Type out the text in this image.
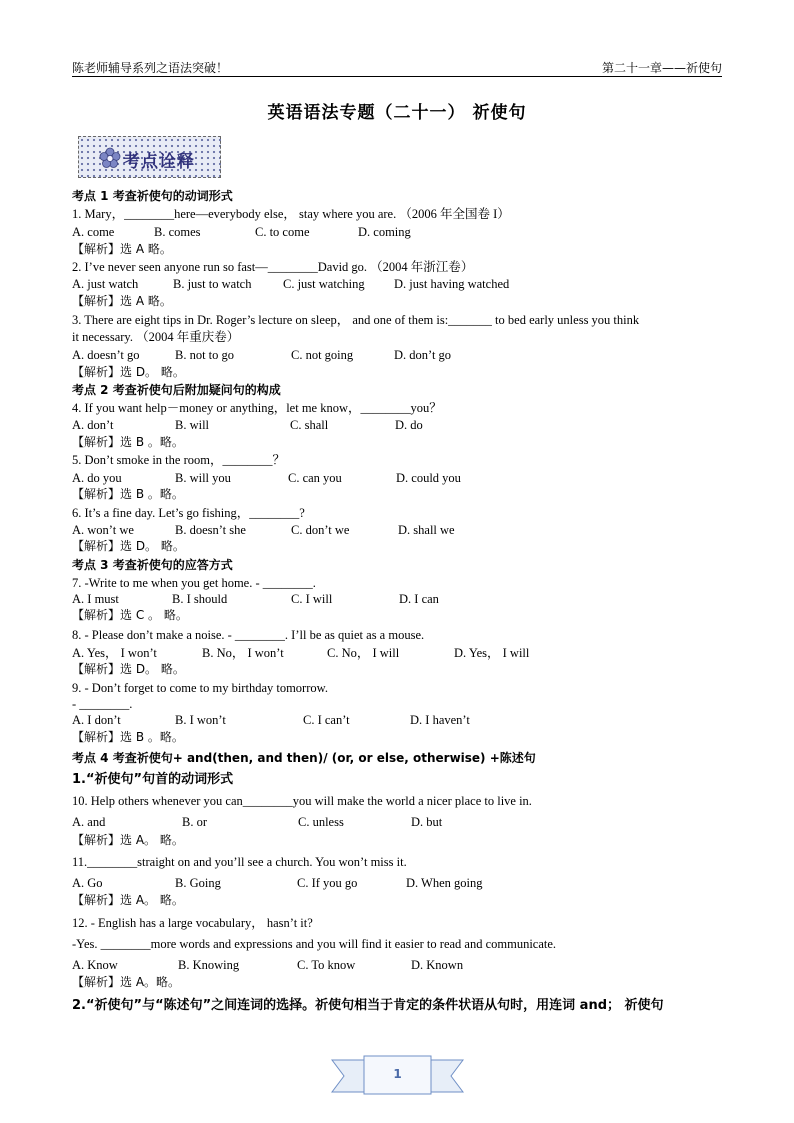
陈老师辅导系列之语法突破！	第二十一章——祈使句
英语语法专题（二十一） 祈使句
考点诠释
考点 1 考查祈使句的动词形式
1. Mary，________here—everybody else， stay where you are. （2006 年全国卷 I）
A. come	B. comes	C. to come	D. coming
【解析】选 A 略。
2. I’ve never seen anyone run so fast—________David go. （2004 年浙江卷）
A. just watch	B. just to watch	C. just watching D. just having watched
【解析】选 A 略。
3. There are eight tips in Dr. Roger’s lecture on sleep， and one of them is:_______ to bed early unless you think
it necessary. （2004 年重庆卷）
A. doesn’t go	B. not to go	C. not going	D. don’t go
【解析】选 D。 略。
考点 2 考查祈使句后附加疑问句的构成
4. If you want help－money or anything，let me know，________you？
A. don’t	B. will	C. shall	D. do
【解析】选 B 。略。
5. Don’t smoke in the room，________？
A. do you	B. will you	C. can you	D. could you
【解析】选 B 。略。
6. It’s a fine day. Let’s go fishing，________?
A. won’t we	B. doesn’t she	C. don’t we	D. shall we
【解析】选 D。 略。
考点 3 考查祈使句的应答方式
7. -Write to me when you get home. - ________.
A. I must	B. I should	C. I will	D. I can
【解析】选 C 。 略。
8. - Please don’t make a noise. - ________. I’ll be as quiet as a mouse.
A. Yes， I won’t	B. No， I won’t	C. No， I will	D. Yes， I will
【解析】选 D。 略。
9. - Don’t forget to come to my birthday tomorrow.
- ________.
A. I don’t	B. I won’t	C. I can’t	D. I haven’t
【解析】选 B 。略。
考点 4 考查祈使句+ and(then, and then)/ (or, or else, otherwise) +陈述句
1.“祈使句”句首的动词形式
10. Help others whenever you can________you will make the world a nicer place to live in.
A. and	B. or	C. unless	D. but
【解析】选 A。 略。
11.________straight on and you’ll see a church. You won’t miss it.
A. Go	B. Going	C. If you go	D. When going
【解析】选 A。 略。
12. - English has a large vocabulary， hasn’t it?
-Yes. ________more words and expressions and you will find it easier to read and communicate.
A. Know	B. Knowing	C. To know	D. Known
【解析】选 A。略。
2.“祈使句”与“陈述句”之间连词的选择。祈使句相当于肯定的条件状语从句时，用连词 and； 祈使句
1
